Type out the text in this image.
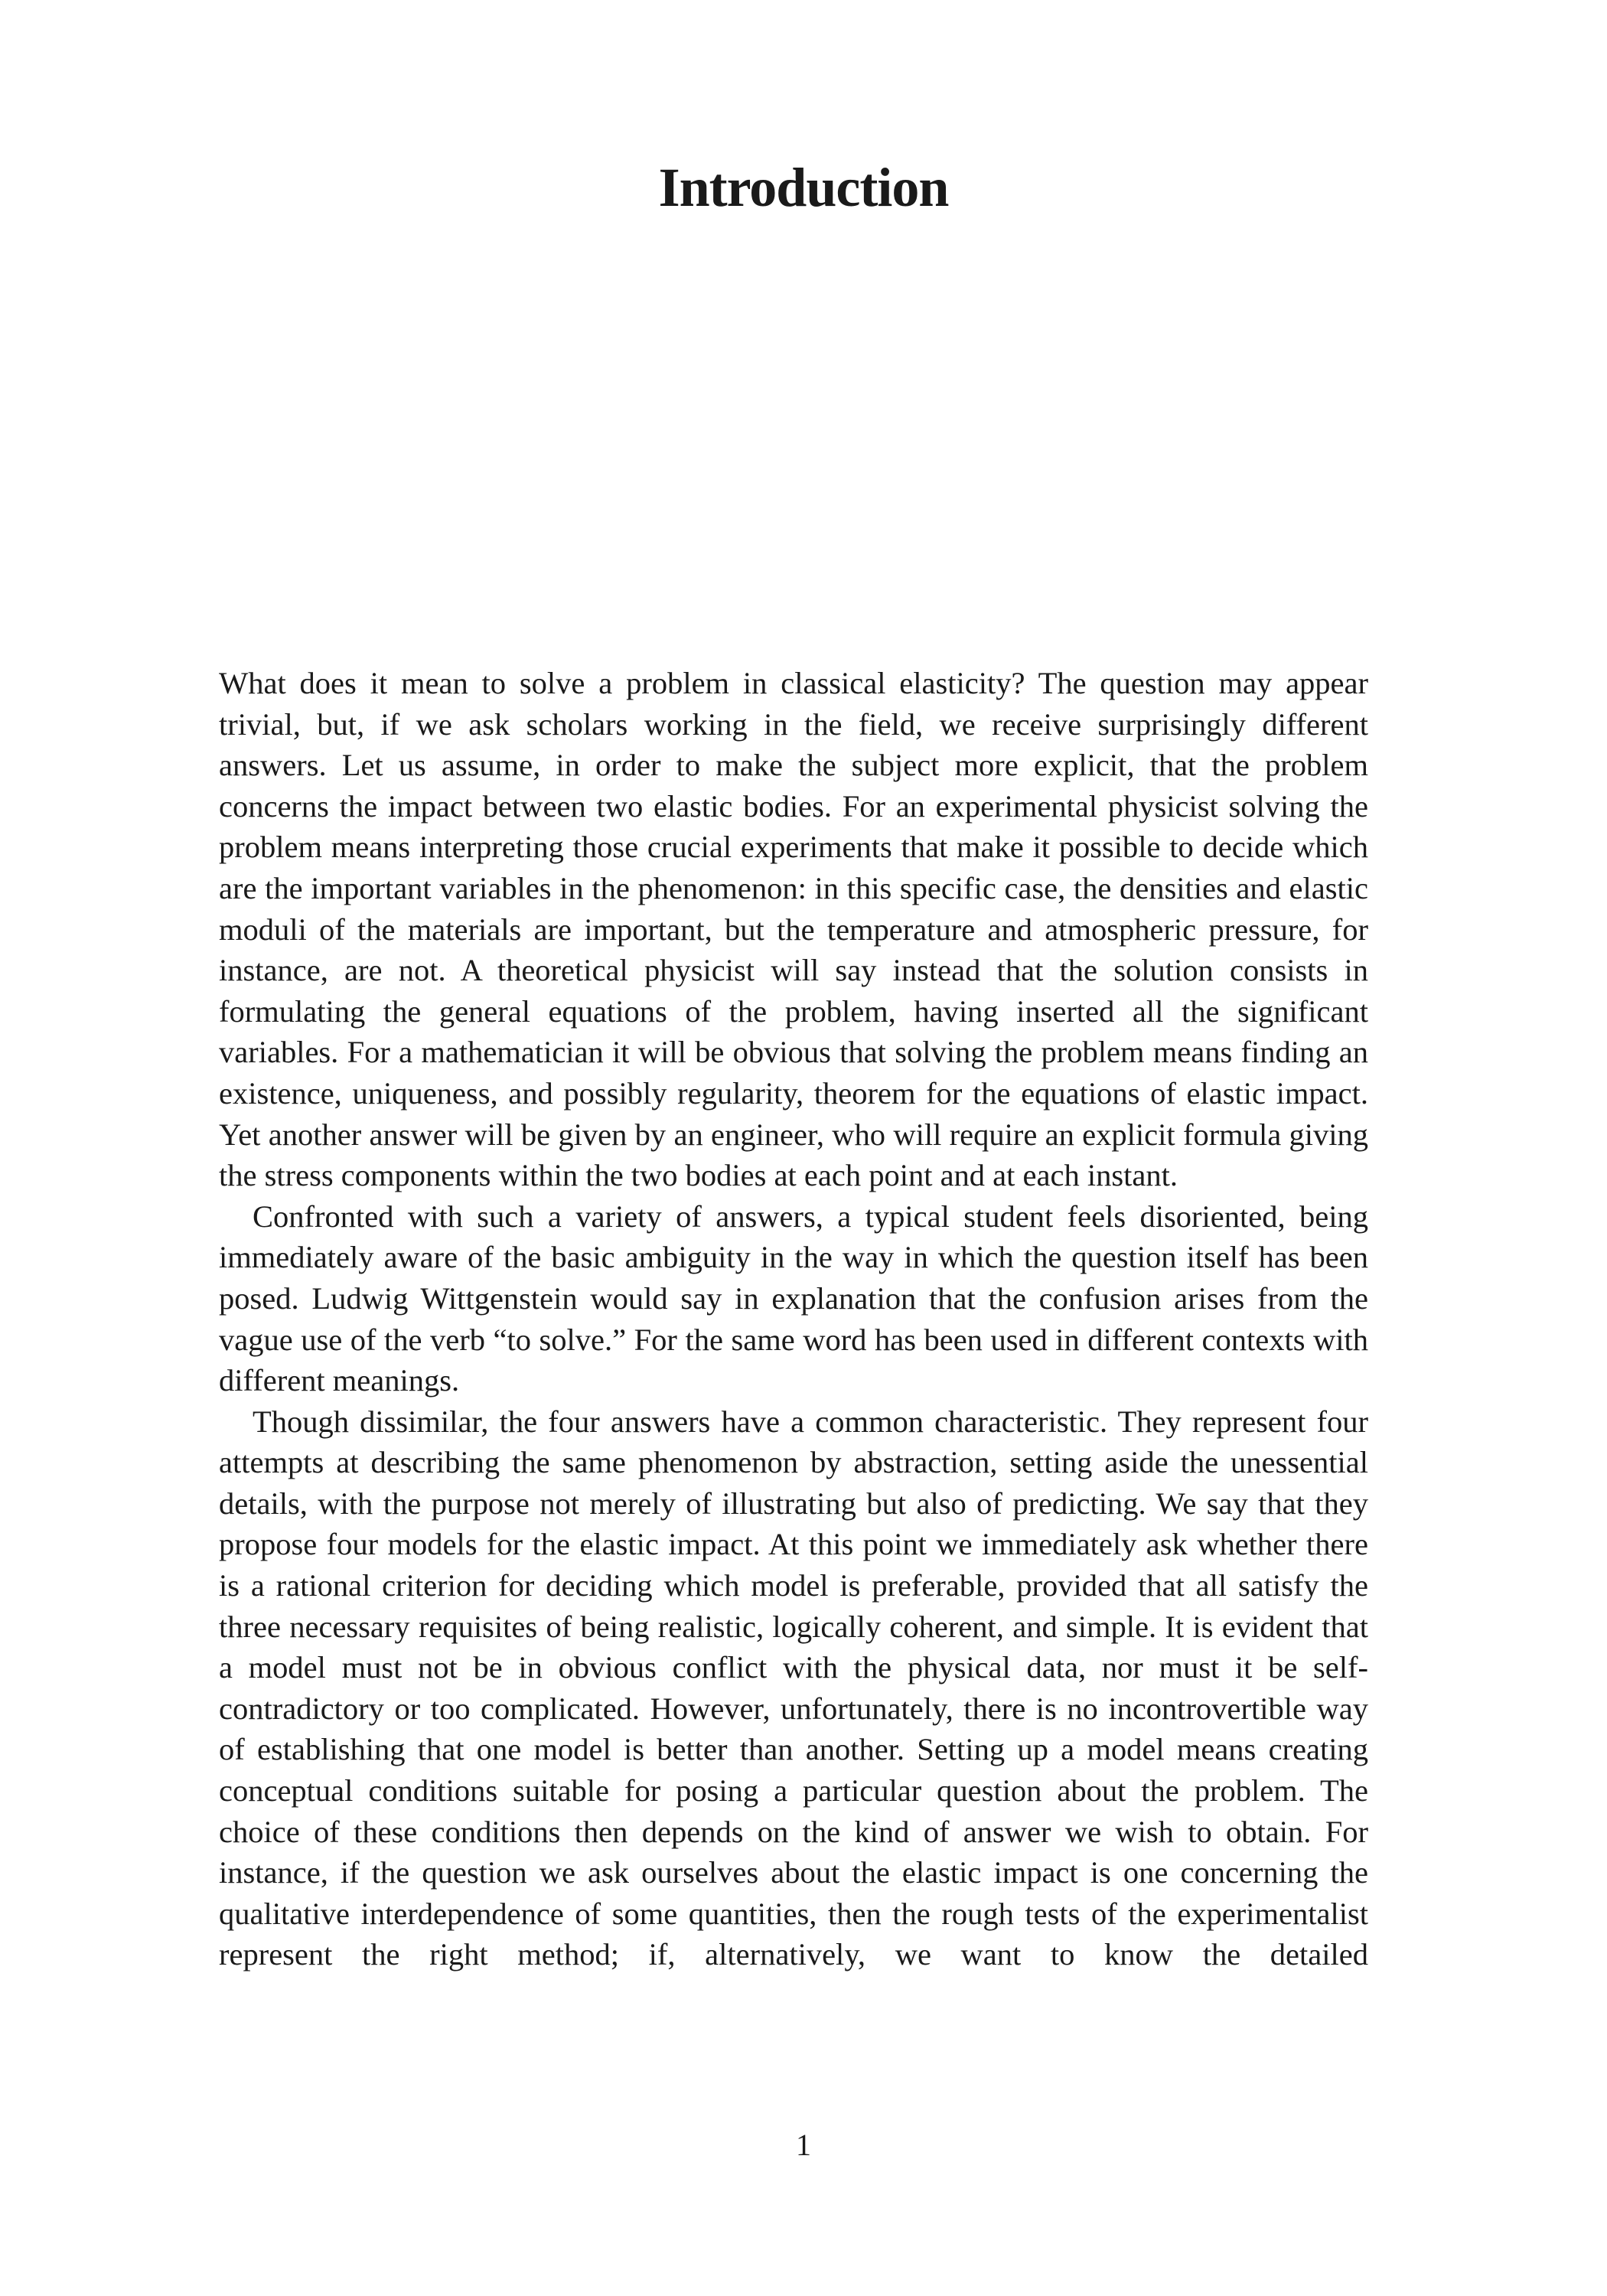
Introduction

What does it mean to solve a problem in classical elasticity? The question may appear trivial, but, if we ask scholars working in the field, we receive surprisingly different answers. Let us assume, in order to make the subject more explicit, that the problem concerns the impact between two elastic bodies. For an experimental physicist solving the problem means interpreting those crucial experiments that make it possible to decide which are the important variables in the phenomenon: in this specific case, the densities and elastic moduli of the materials are important, but the temperature and atmospheric pressure, for instance, are not. A theoretical physicist will say instead that the solution consists in formulating the general equations of the problem, having inserted all the significant variables. For a mathematician it will be obvious that solving the problem means finding an existence, uniqueness, and possibly regularity, theorem for the equations of elastic impact. Yet another answer will be given by an engineer, who will require an explicit formula giving the stress components within the two bodies at each point and at each instant.

Confronted with such a variety of answers, a typical student feels disoriented, being immediately aware of the basic ambiguity in the way in which the question itself has been posed. Ludwig Wittgenstein would say in explanation that the confusion arises from the vague use of the verb “to solve.” For the same word has been used in different contexts with different meanings.

Though dissimilar, the four answers have a common characteristic. They represent four attempts at describing the same phenomenon by abstraction, setting aside the unessential details, with the purpose not merely of illustrating but also of predicting. We say that they propose four models for the elastic impact. At this point we immediately ask whether there is a rational criterion for deciding which model is preferable, provided that all satisfy the three necessary requisites of being realistic, logically coherent, and simple. It is evident that a model must not be in obvious conflict with the physical data, nor must it be self-contradictory or too complicated. However, unfortunately, there is no incontrovertible way of establishing that one model is better than another. Setting up a model means creating conceptual conditions suitable for posing a particular question about the problem. The choice of these conditions then depends on the kind of answer we wish to obtain. For instance, if the question we ask ourselves about the elastic impact is one concerning the qualitative interdependence of some quantities, then the rough tests of the experimentalist represent the right method; if, alternatively, we want to know the detailed

1
